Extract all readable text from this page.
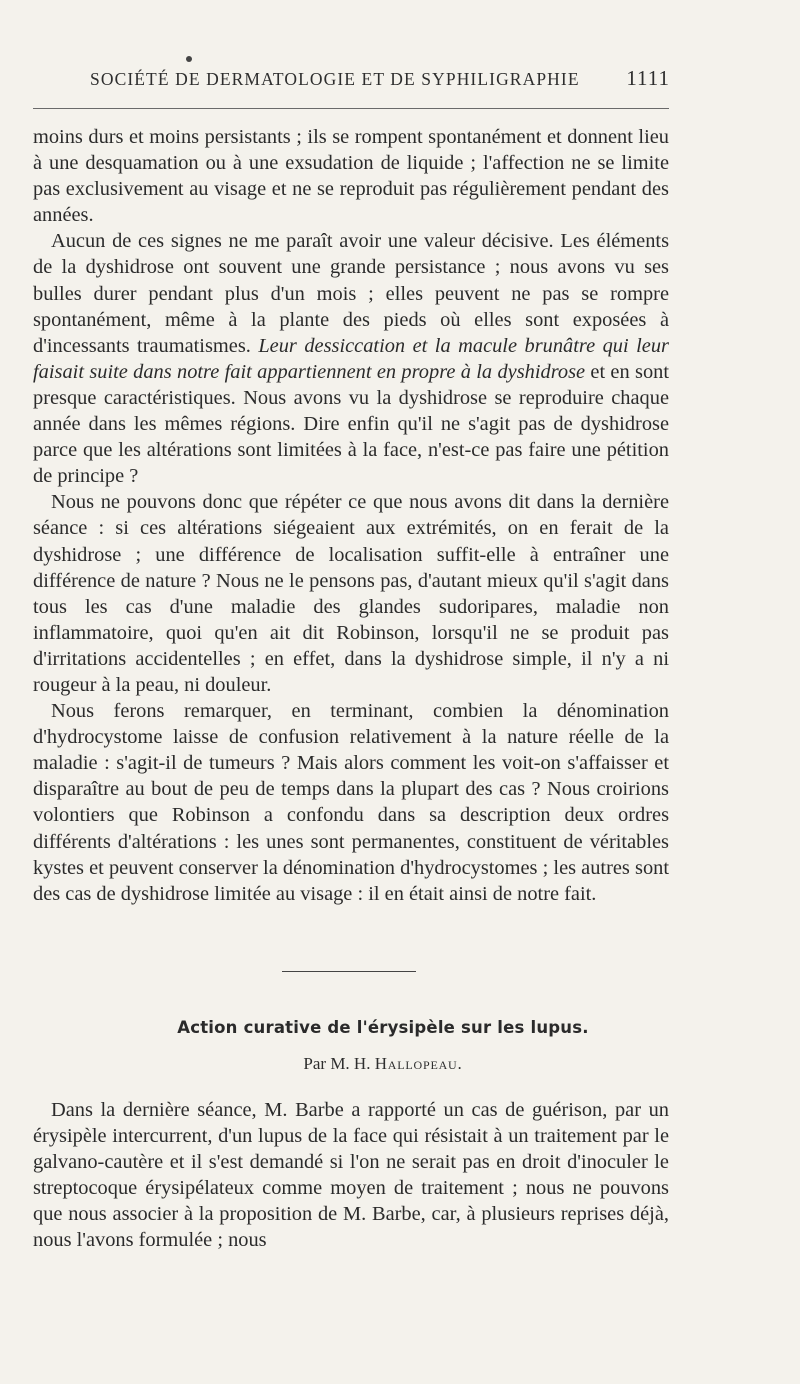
SOCIÉTÉ DE DERMATOLOGIE ET DE SYPHILIGRAPHIE 1111

moins durs et moins persistants ; ils se rompent spontanément et donnent lieu à une desquamation ou à une exsudation de liquide ; l'affection ne se limite pas exclusivement au visage et ne se reproduit pas régulièrement pendant des années.

Aucun de ces signes ne me paraît avoir une valeur décisive. Les éléments de la dyshidrose ont souvent une grande persistance ; nous avons vu ses bulles durer pendant plus d'un mois ; elles peuvent ne pas se rompre spontanément, même à la plante des pieds où elles sont exposées à d'incessants traumatismes. Leur dessiccation et la macule brunâtre qui leur faisait suite dans notre fait appartiennent en propre à la dyshidrose et en sont presque caractéristiques. Nous avons vu la dyshidrose se reproduire chaque année dans les mêmes régions. Dire enfin qu'il ne s'agit pas de dyshidrose parce que les altérations sont limitées à la face, n'est-ce pas faire une pétition de principe ?

Nous ne pouvons donc que répéter ce que nous avons dit dans la dernière séance : si ces altérations siégeaient aux extrémités, on en ferait de la dyshidrose ; une différence de localisation suffit-elle à entraîner une différence de nature ? Nous ne le pensons pas, d'autant mieux qu'il s'agit dans tous les cas d'une maladie des glandes sudoripares, maladie non inflammatoire, quoi qu'en ait dit Robinson, lorsqu'il ne se produit pas d'irritations accidentelles ; en effet, dans la dyshidrose simple, il n'y a ni rougeur à la peau, ni douleur.

Nous ferons remarquer, en terminant, combien la dénomination d'hydrocystome laisse de confusion relativement à la nature réelle de la maladie : s'agit-il de tumeurs ? Mais alors comment les voit-on s'affaisser et disparaître au bout de peu de temps dans la plupart des cas ? Nous croirions volontiers que Robinson a confondu dans sa description deux ordres différents d'altérations : les unes sont permanentes, constituent de véritables kystes et peuvent conserver la dénomination d'hydrocystomes ; les autres sont des cas de dyshidrose limitée au visage : il en était ainsi de notre fait.

Action curative de l'érysipèle sur les lupus.

Par M. H. Hallopeau.

Dans la dernière séance, M. Barbe a rapporté un cas de guérison, par un érysipèle intercurrent, d'un lupus de la face qui résistait à un traitement par le galvano-cautère et il s'est demandé si l'on ne serait pas en droit d'inoculer le streptocoque érysipélateux comme moyen de traitement ; nous ne pouvons que nous associer à la proposition de M. Barbe, car, à plusieurs reprises déjà, nous l'avons formulée ; nous
